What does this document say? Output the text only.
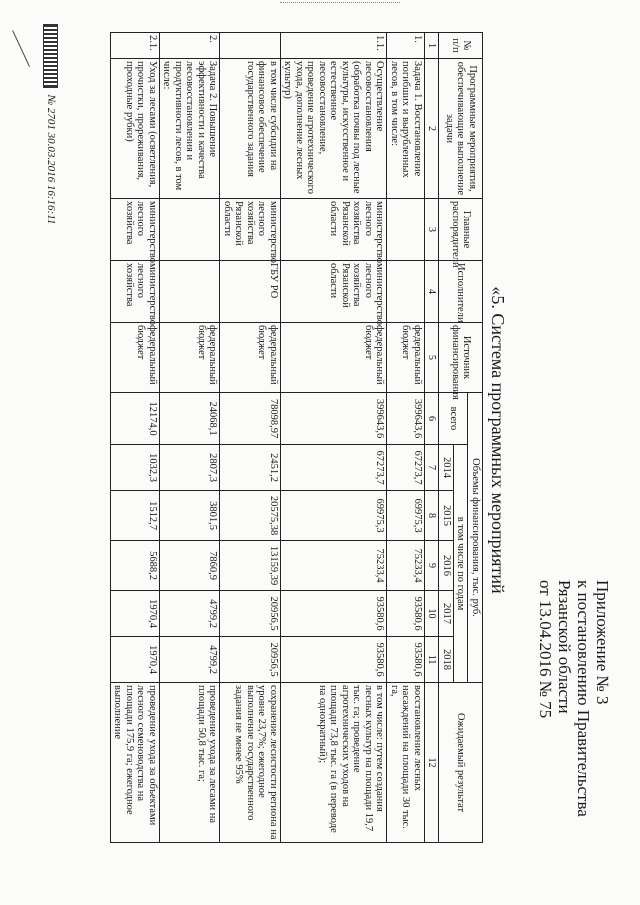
Приложение № 3
к постановлению Правительства
Рязанской области
от 13.04.2016 № 75
«5. Система программных мероприятий
№ п/п	Программные мероприятия, обеспечивающие выполнение задачи	Главные распорядители	Исполнители	Источник финансирования	Объемы финансирования, тыс. руб.						Ожидаемый результат
					всего	в том числе по годам					
						2014	2015	2016	2017	2018	
1	2	3	4	5	6	7	8	9	10	11	12
1.	Задача 1. Восстановление погибших и вырубленных лесов, в том числе:			федеральный бюджет	399643,6	67273,7	69975,3	75233,4	93580,6	93580,6	восстановление лесных насаждений на площади 30 тыс. га,
1.1.	Осуществление лесовосстановления (обработка почвы под лесные культуры, искусственное и естественное лесовосстановление, проведение агротехнического ухода, дополнение лесных культур)	министерство лесного хозяйства Рязанской области	министерство лесного хозяйства Рязанской области	федеральный бюджет	399643,6	67273,7	69975,3	75233,4	93580,6	93580,6	в том числе: путем создания лесных культур на площади 19,7 тыс. га; проведение агротехнических уходов на площади 73,8 тыс. га (в переводе на однократный);
	в том числе субсидии на финансовое обеспечение государственного задания	министерство лесного хозяйства Рязанской области	ГБУ РО	федеральный бюджет	78098,97	2451,2	20575,38	13159,39	20956,5	20956,5	сохранение лесистости региона на уровне 23,7%; ежегодное выполнение государственного задания не менее 95%
2.	Задача 2. Повышение эффективности и качества лесовосстановления и продуктивности лесов, в том числе:			федеральный бюджет	24068,1	2807,3	3801,5	7860,9	4799,2	4799,2	проведение ухода за лесами на площади 50,8 тыс. га;
2.1.	Уход за лесами (осветления, прочистки, прореживания, проходные рубки)	министерство лесного хозяйства	министерство лесного хозяйства	федеральный бюджет	12174,0	1032,3	1512,7	5688,2	1970,4	1970,4	проведение ухода за объектами лесного семеноводства на площади 175,9 га; ежегодное выполнение
№ 2701 30.03.2016 16:16:11
